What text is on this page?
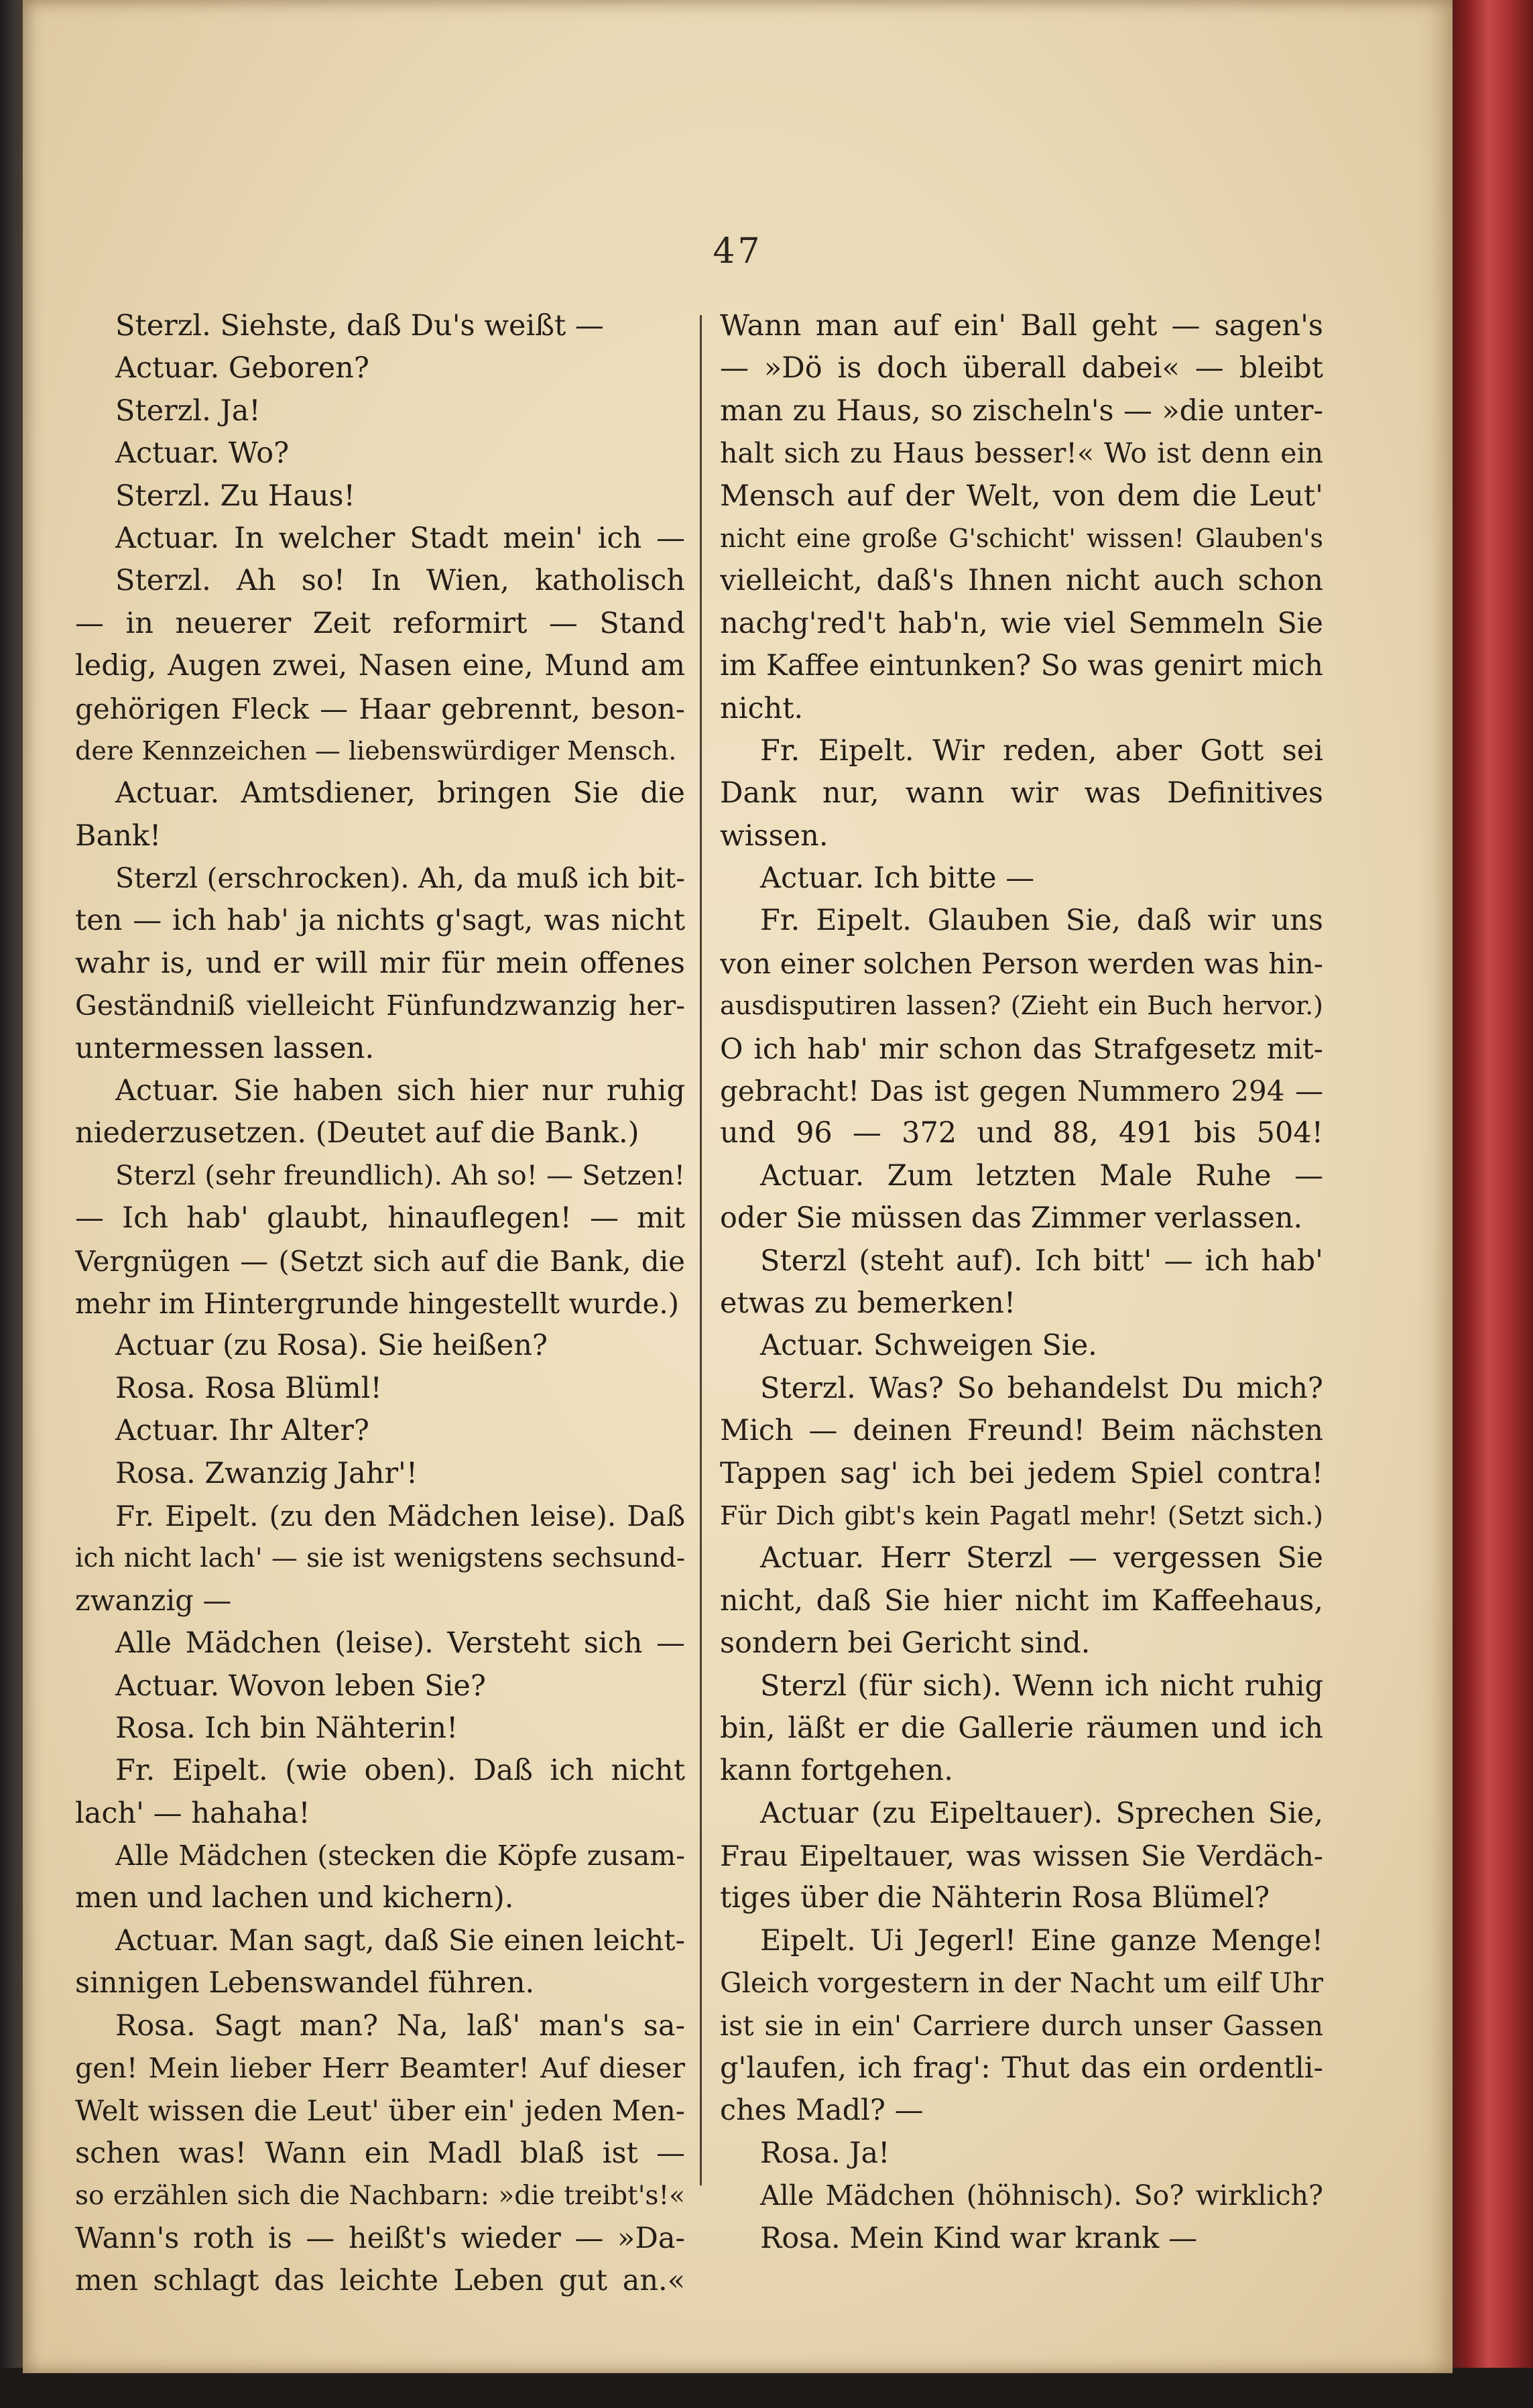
47
Sterzl. Siehste, daß Du's weißt —
Actuar. Geboren?
Sterzl. Ja!
Actuar. Wo?
Sterzl. Zu Haus!
Actuar. In welcher Stadt mein' ich —
Sterzl. Ah so! In Wien, katholisch
— in neuerer Zeit reformirt — Stand
ledig, Augen zwei, Nasen eine, Mund am
gehörigen Fleck — Haar gebrennt, beson-
dere Kennzeichen — liebenswürdiger Mensch.
Actuar. Amtsdiener, bringen Sie die
Bank!
Sterzl (erschrocken). Ah, da muß ich bit-
ten — ich hab' ja nichts g'sagt, was nicht
wahr is, und er will mir für mein offenes
Geständniß vielleicht Fünfundzwanzig her-
untermessen lassen.
Actuar. Sie haben sich hier nur ruhig
niederzusetzen. (Deutet auf die Bank.)
Sterzl (sehr freundlich). Ah so! — Setzen!
— Ich hab' glaubt, hinauflegen! — mit
Vergnügen — (Setzt sich auf die Bank, die
mehr im Hintergrunde hingestellt wurde.)
Actuar (zu Rosa). Sie heißen?
Rosa. Rosa Blüml!
Actuar. Ihr Alter?
Rosa. Zwanzig Jahr'!
Fr. Eipelt. (zu den Mädchen leise). Daß
ich nicht lach' — sie ist wenigstens sechsund-
zwanzig —
Alle Mädchen (leise). Versteht sich —
Actuar. Wovon leben Sie?
Rosa. Ich bin Nähterin!
Fr. Eipelt. (wie oben). Daß ich nicht
lach' — hahaha!
Alle Mädchen (stecken die Köpfe zusam-
men und lachen und kichern).
Actuar. Man sagt, daß Sie einen leicht-
sinnigen Lebenswandel führen.
Rosa. Sagt man? Na, laß' man's sa-
gen! Mein lieber Herr Beamter! Auf dieser
Welt wissen die Leut' über ein' jeden Men-
schen was! Wann ein Madl blaß ist —
so erzählen sich die Nachbarn: »die treibt's!«
Wann's roth is — heißt's wieder — »Da-
men schlagt das leichte Leben gut an.«
Wann man auf ein' Ball geht — sagen's
— »Dö is doch überall dabei« — bleibt
man zu Haus, so zischeln's — »die unter-
halt sich zu Haus besser!« Wo ist denn ein
Mensch auf der Welt, von dem die Leut'
nicht eine große G'schicht' wissen! Glauben's
vielleicht, daß's Ihnen nicht auch schon
nachg'red't hab'n, wie viel Semmeln Sie
im Kaffee eintunken? So was genirt mich
nicht.
Fr. Eipelt. Wir reden, aber Gott sei
Dank nur, wann wir was Definitives
wissen.
Actuar. Ich bitte —
Fr. Eipelt. Glauben Sie, daß wir uns
von einer solchen Person werden was hin-
ausdisputiren lassen? (Zieht ein Buch hervor.)
O ich hab' mir schon das Strafgesetz mit-
gebracht! Das ist gegen Nummero 294 —
und 96 — 372 und 88, 491 bis 504!
Actuar. Zum letzten Male Ruhe —
oder Sie müssen das Zimmer verlassen.
Sterzl (steht auf). Ich bitt' — ich hab'
etwas zu bemerken!
Actuar. Schweigen Sie.
Sterzl. Was? So behandelst Du mich?
Mich — deinen Freund! Beim nächsten
Tappen sag' ich bei jedem Spiel contra!
Für Dich gibt's kein Pagatl mehr! (Setzt sich.)
Actuar. Herr Sterzl — vergessen Sie
nicht, daß Sie hier nicht im Kaffeehaus,
sondern bei Gericht sind.
Sterzl (für sich). Wenn ich nicht ruhig
bin, läßt er die Gallerie räumen und ich
kann fortgehen.
Actuar (zu Eipeltauer). Sprechen Sie,
Frau Eipeltauer, was wissen Sie Verdäch-
tiges über die Nähterin Rosa Blümel?
Eipelt. Ui Jegerl! Eine ganze Menge!
Gleich vorgestern in der Nacht um eilf Uhr
ist sie in ein' Carriere durch unser Gassen
g'laufen, ich frag': Thut das ein ordentli-
ches Madl? —
Rosa. Ja!
Alle Mädchen (höhnisch). So? wirklich?
Rosa. Mein Kind war krank —
